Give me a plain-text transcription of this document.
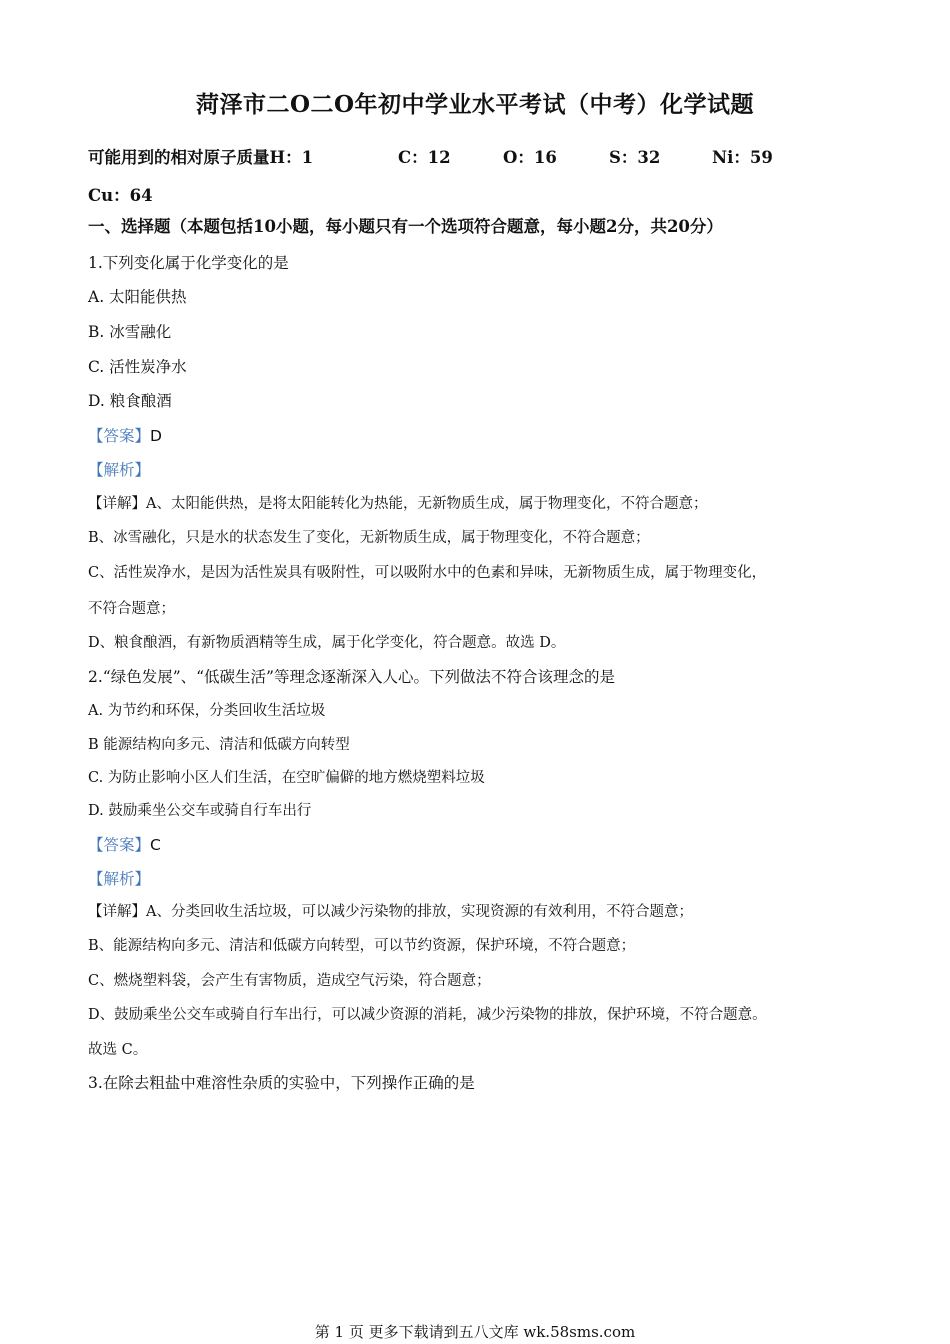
菏泽市二O二O年初中学业水平考试（中考）化学试题
可能用到的相对原子质量H：1	C：12	O：16	S：32	Ni：59
Cu：64
一、选择题（本题包括10小题，每小题只有一个选项符合题意，每小题2分，共20分）
1.下列变化属于化学变化的是
A. 太阳能供热
B. 冰雪融化
C. 活性炭净水
D. 粮食酿酒
【答案】D
【解析】
【详解】A、太阳能供热，是将太阳能转化为热能，无新物质生成，属于物理变化，不符合题意；
B、冰雪融化，只是水的状态发生了变化，无新物质生成，属于物理变化，不符合题意；
C、活性炭净水，是因为活性炭具有吸附性，可以吸附水中的色素和异味，无新物质生成，属于物理变化，
不符合题意；
D、粮食酿酒，有新物质酒精等生成，属于化学变化，符合题意。故选 D。
2.“绿色发展”、“低碳生活”等理念逐渐深入人心。下列做法不符合该理念的是
A. 为节约和环保，分类回收生活垃圾
B 能源结构向多元、清洁和低碳方向转型
C. 为防止影响小区人们生活，在空旷偏僻的地方燃烧塑料垃圾
D. 鼓励乘坐公交车或骑自行车出行
【答案】C
【解析】
【详解】A、分类回收生活垃圾，可以减少污染物的排放，实现资源的有效利用，不符合题意；
B、能源结构向多元、清洁和低碳方向转型，可以节约资源，保护环境，不符合题意；
C、燃烧塑料袋，会产生有害物质，造成空气污染，符合题意；
D、鼓励乘坐公交车或骑自行车出行，可以减少资源的消耗，减少污染物的排放，保护环境，不符合题意。
故选 C。
3.在除去粗盐中难溶性杂质的实验中，下列操作正确的是
第 1 页 更多下载请到五八文库 wk.58sms.com
